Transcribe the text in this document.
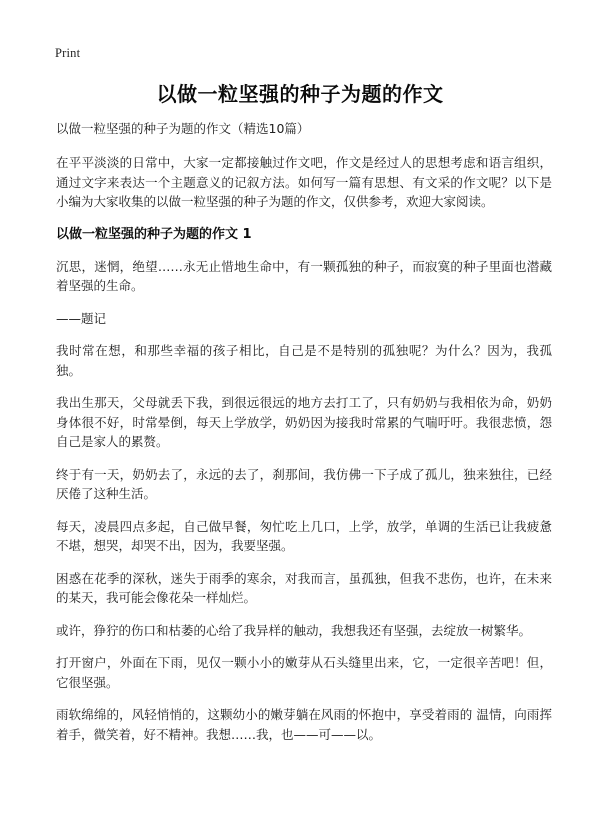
Print
以做一粒坚强的种子为题的作文

以做一粒坚强的种子为题的作文（精选10篇）

在平平淡淡的日常中，大家一定都接触过作文吧，作文是经过人的思想考虑和语言组织，通过文字来表达一个主题意义的记叙方法。如何写一篇有思想、有文采的作文呢？以下是小编为大家收集的以做一粒坚强的种子为题的作文，仅供参考，欢迎大家阅读。

以做一粒坚强的种子为题的作文 1

沉思，迷惘，绝望……永无止惜地生命中，有一颗孤独的种子，而寂寞的种子里面也潜藏着坚强的生命。

——题记

我时常在想，和那些幸福的孩子相比，自己是不是特别的孤独呢？为什么？因为，我孤独。

我出生那天，父母就丢下我，到很远很远的地方去打工了，只有奶奶与我相依为命，奶奶身体很不好，时常晕倒，每天上学放学，奶奶因为接我时常累的气喘吁吁。我很悲愤，怨自己是家人的累赘。

终于有一天，奶奶去了，永远的去了，刹那间，我仿佛一下子成了孤儿，独来独往，已经厌倦了这种生活。

每天，凌晨四点多起，自己做早餐，匆忙吃上几口，上学，放学，单调的生活已让我疲惫不堪，想哭，却哭不出，因为，我要坚强。

困惑在花季的深秋，迷失于雨季的寒余，对我而言，虽孤独，但我不悲伤，也许，在未来的某天，我可能会像花朵一样灿烂。

或许，狰狞的伤口和枯萎的心给了我异样的触动，我想我还有坚强，去绽放一树繁华。

打开窗户，外面在下雨，见仅一颗小小的嫩芽从石头缝里出来，它，一定很辛苦吧！但，它很坚强。

雨软绵绵的，风轻悄悄的，这颗幼小的嫩芽躺在风雨的怀抱中，享受着雨的 温情，向雨挥着手，微笑着，好不精神。我想……我，也——可——以。
